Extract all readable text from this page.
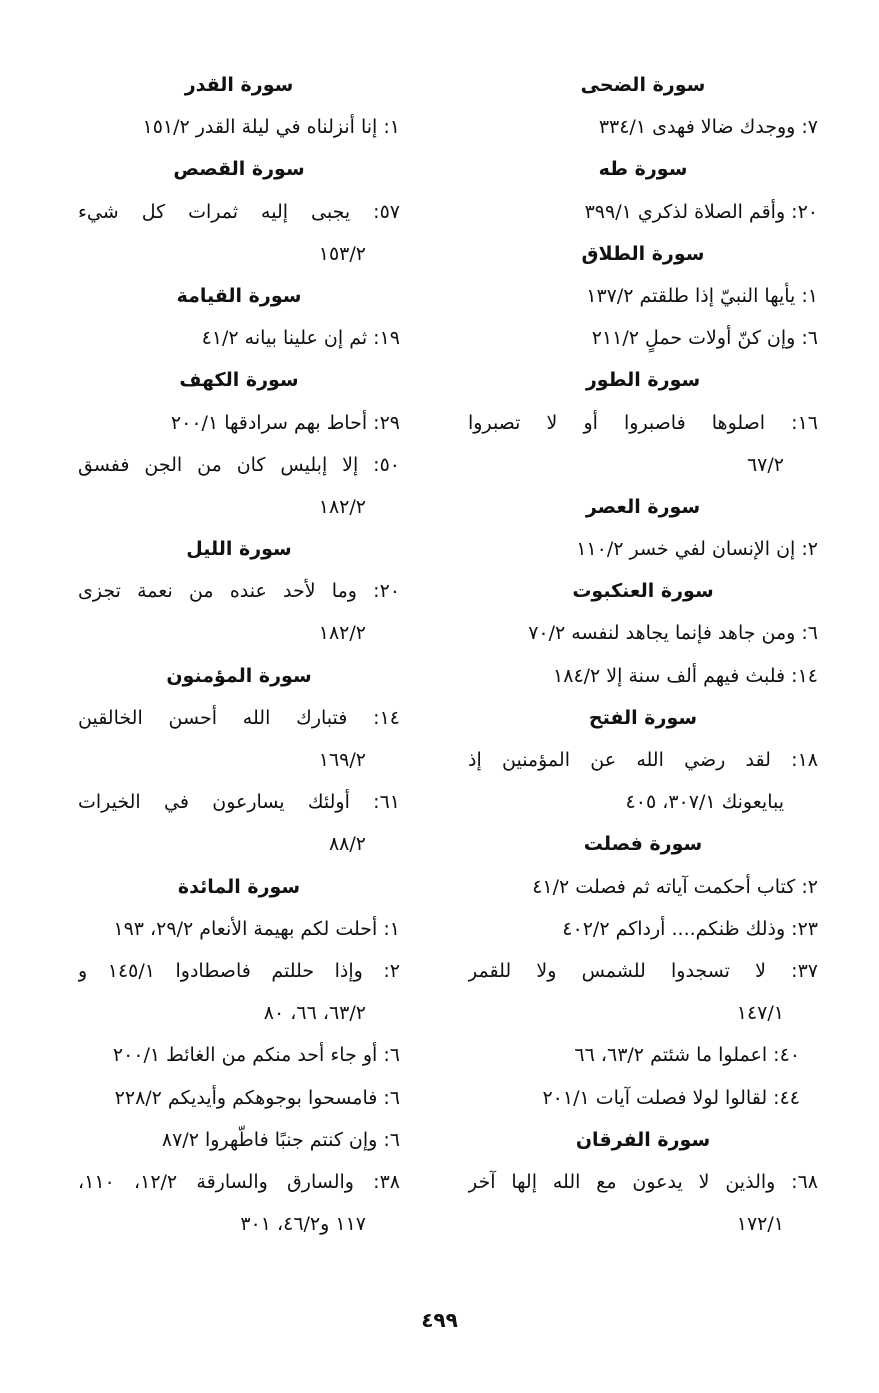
سورة الضحى
٧: ووجدك ضالا فهدى ٣٣٤/١
سورة طه
٢٠: وأقم الصلاة لذكري ٣٩٩/١
سورة الطلاق
١: يأيها النبيّ إذا طلقتم ١٣٧/٢
٦: وإن كنّ أولات حملٍ ٢١١/٢
سورة الطور
١٦: اصلوها فاصبروا أو لا تصبروا
٦٧/٢
سورة العصر
٢: إن الإنسان لفي خسر ١١٠/٢
سورة العنكبوت
٦: ومن جاهد فإنما يجاهد لنفسه ٧٠/٢
١٤: فلبث فيهم ألف سنة إلا ١٨٤/٢
سورة الفتح
١٨: لقد رضي الله عن المؤمنين إذ
يبايعونك ٣٠٧/١، ٤٠٥
سورة فصلت
٢: كتاب أحكمت آياته ثم فصلت ٤١/٢
٢٣: وذلك ظنكم.... أرداكم ٤٠٢/٢
٣٧: لا تسجدوا للشمس ولا للقمر
١٤٧/١
٤٠: اعملوا ما شئتم ٦٣/٢، ٦٦
٤٤: لقالوا لولا فصلت آيات ٢٠١/١
سورة الفرقان
٦٨: والذين لا يدعون مع الله إلها آخر
١٧٢/١
سورة القدر
١: إنا أنزلناه في ليلة القدر ١٥١/٢
سورة القصص
٥٧: يجبى إليه ثمرات كل شيء
١٥٣/٢
سورة القيامة
١٩: ثم إن علينا بيانه ٤١/٢
سورة الكهف
٢٩: أحاط بهم سرادقها ٢٠٠/١
٥٠: إلا إبليس كان من الجن ففسق
١٨٢/٢
سورة الليل
٢٠: وما لأحد عنده من نعمة تجزى
١٨٢/٢
سورة المؤمنون
١٤: فتبارك الله أحسن الخالقين
١٦٩/٢
٦١: أولئك يسارعون في الخيرات
٨٨/٢
سورة المائدة
١: أحلت لكم بهيمة الأنعام ٢٩/٢، ١٩٣
٢: وإذا حللتم فاصطادوا ١٤٥/١ و
٦٣/٢، ٦٦، ٨٠
٦: أو جاء أحد منكم من الغائط ٢٠٠/١
٦: فامسحوا بوجوهكم وأيديكم ٢٢٨/٢
٦: وإن كنتم جنبًا فاطّهروا ٨٧/٢
٣٨: والسارق والسارقة ١٢/٢، ١١٠،
١١٧ و٤٦/٢، ٣٠١
٤٩٩
